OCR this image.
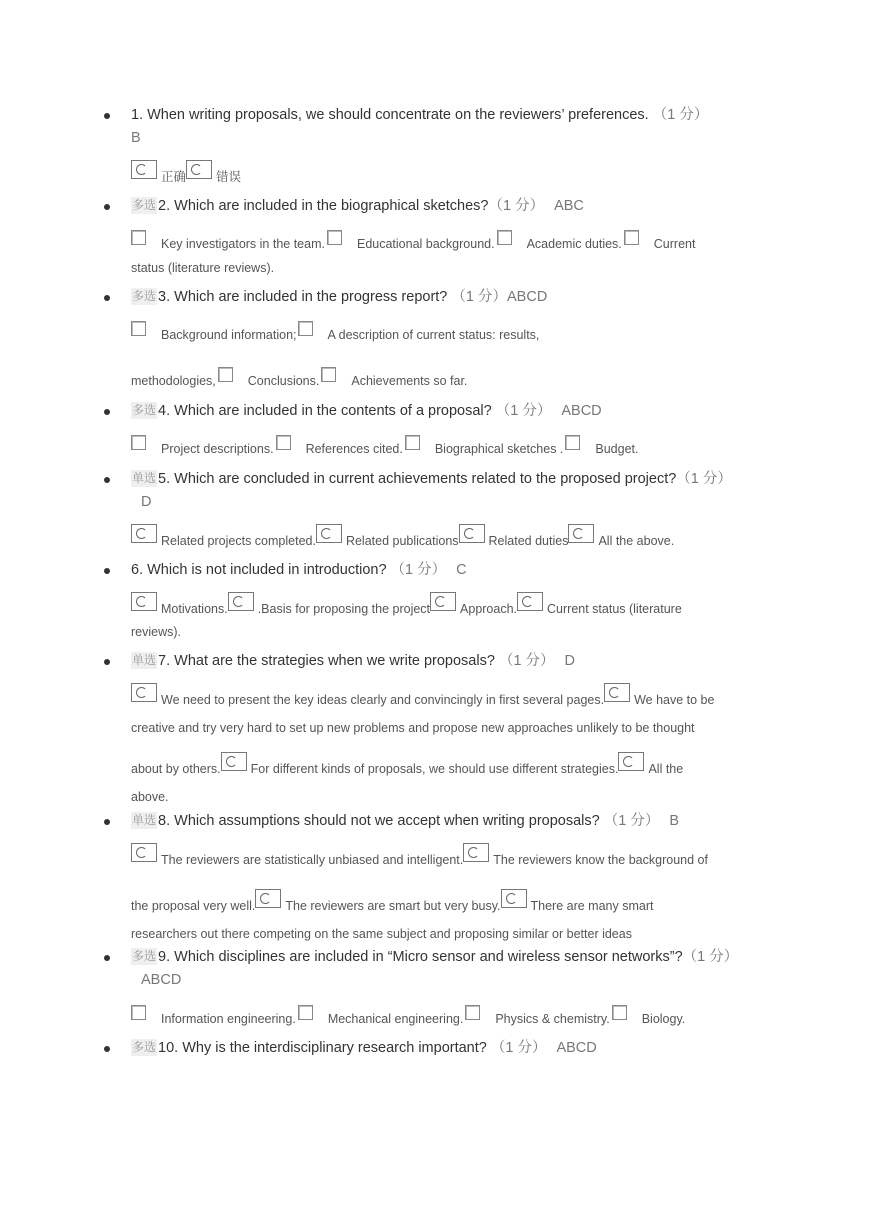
1. When writing proposals, we should concentrate on the reviewers’ preferences. （1 分）
B
正确 错误
多选 2. Which are included in the biographical sketches?（1 分） ABC
Key investigators in the team.	Educational background.	Academic duties.	Current
status (literature reviews).
多选 3. Which are included in the progress report? （1 分）ABCD
Background information; A description of current status: results,
methodologies,	Conclusions.	Achievements so far.
多选 4. Which are included in the contents of a proposal? （1 分） ABCD
Project descriptions.	References cited.	Biographical sketches .	Budget.
单选 5. Which are concluded in current achievements related to the proposed project?（1 分）D
Related projects completed. Related publications Related duties All the above.
6. Which is not included in introduction? （1 分） C
Motivations. .Basis for proposing the project Approach. Current status (literature
reviews).
单选 7. What are the strategies when we write proposals? （1 分） D
We need to present the key ideas clearly and convincingly in first several pages. We have to be
creative and try very hard to set up new problems and propose new approaches unlikely to be thought
about by others. For different kinds of proposals, we should use different strategies. All the
above.
单选 8. Which assumptions should not we accept when writing proposals? （1 分） B
The reviewers are statistically unbiased and intelligent. The reviewers know the background of
the proposal very well. The reviewers are smart but very busy. There are many smart
researchers out there competing on the same subject and proposing similar or better ideas
多选 9. Which disciplines are included in “Micro sensor and wireless sensor networks”?（1 分）ABCD
Information engineering.	Mechanical engineering.	Physics & chemistry.	Biology.
多选 10. Why is the interdisciplinary research important? （1 分） ABCD
